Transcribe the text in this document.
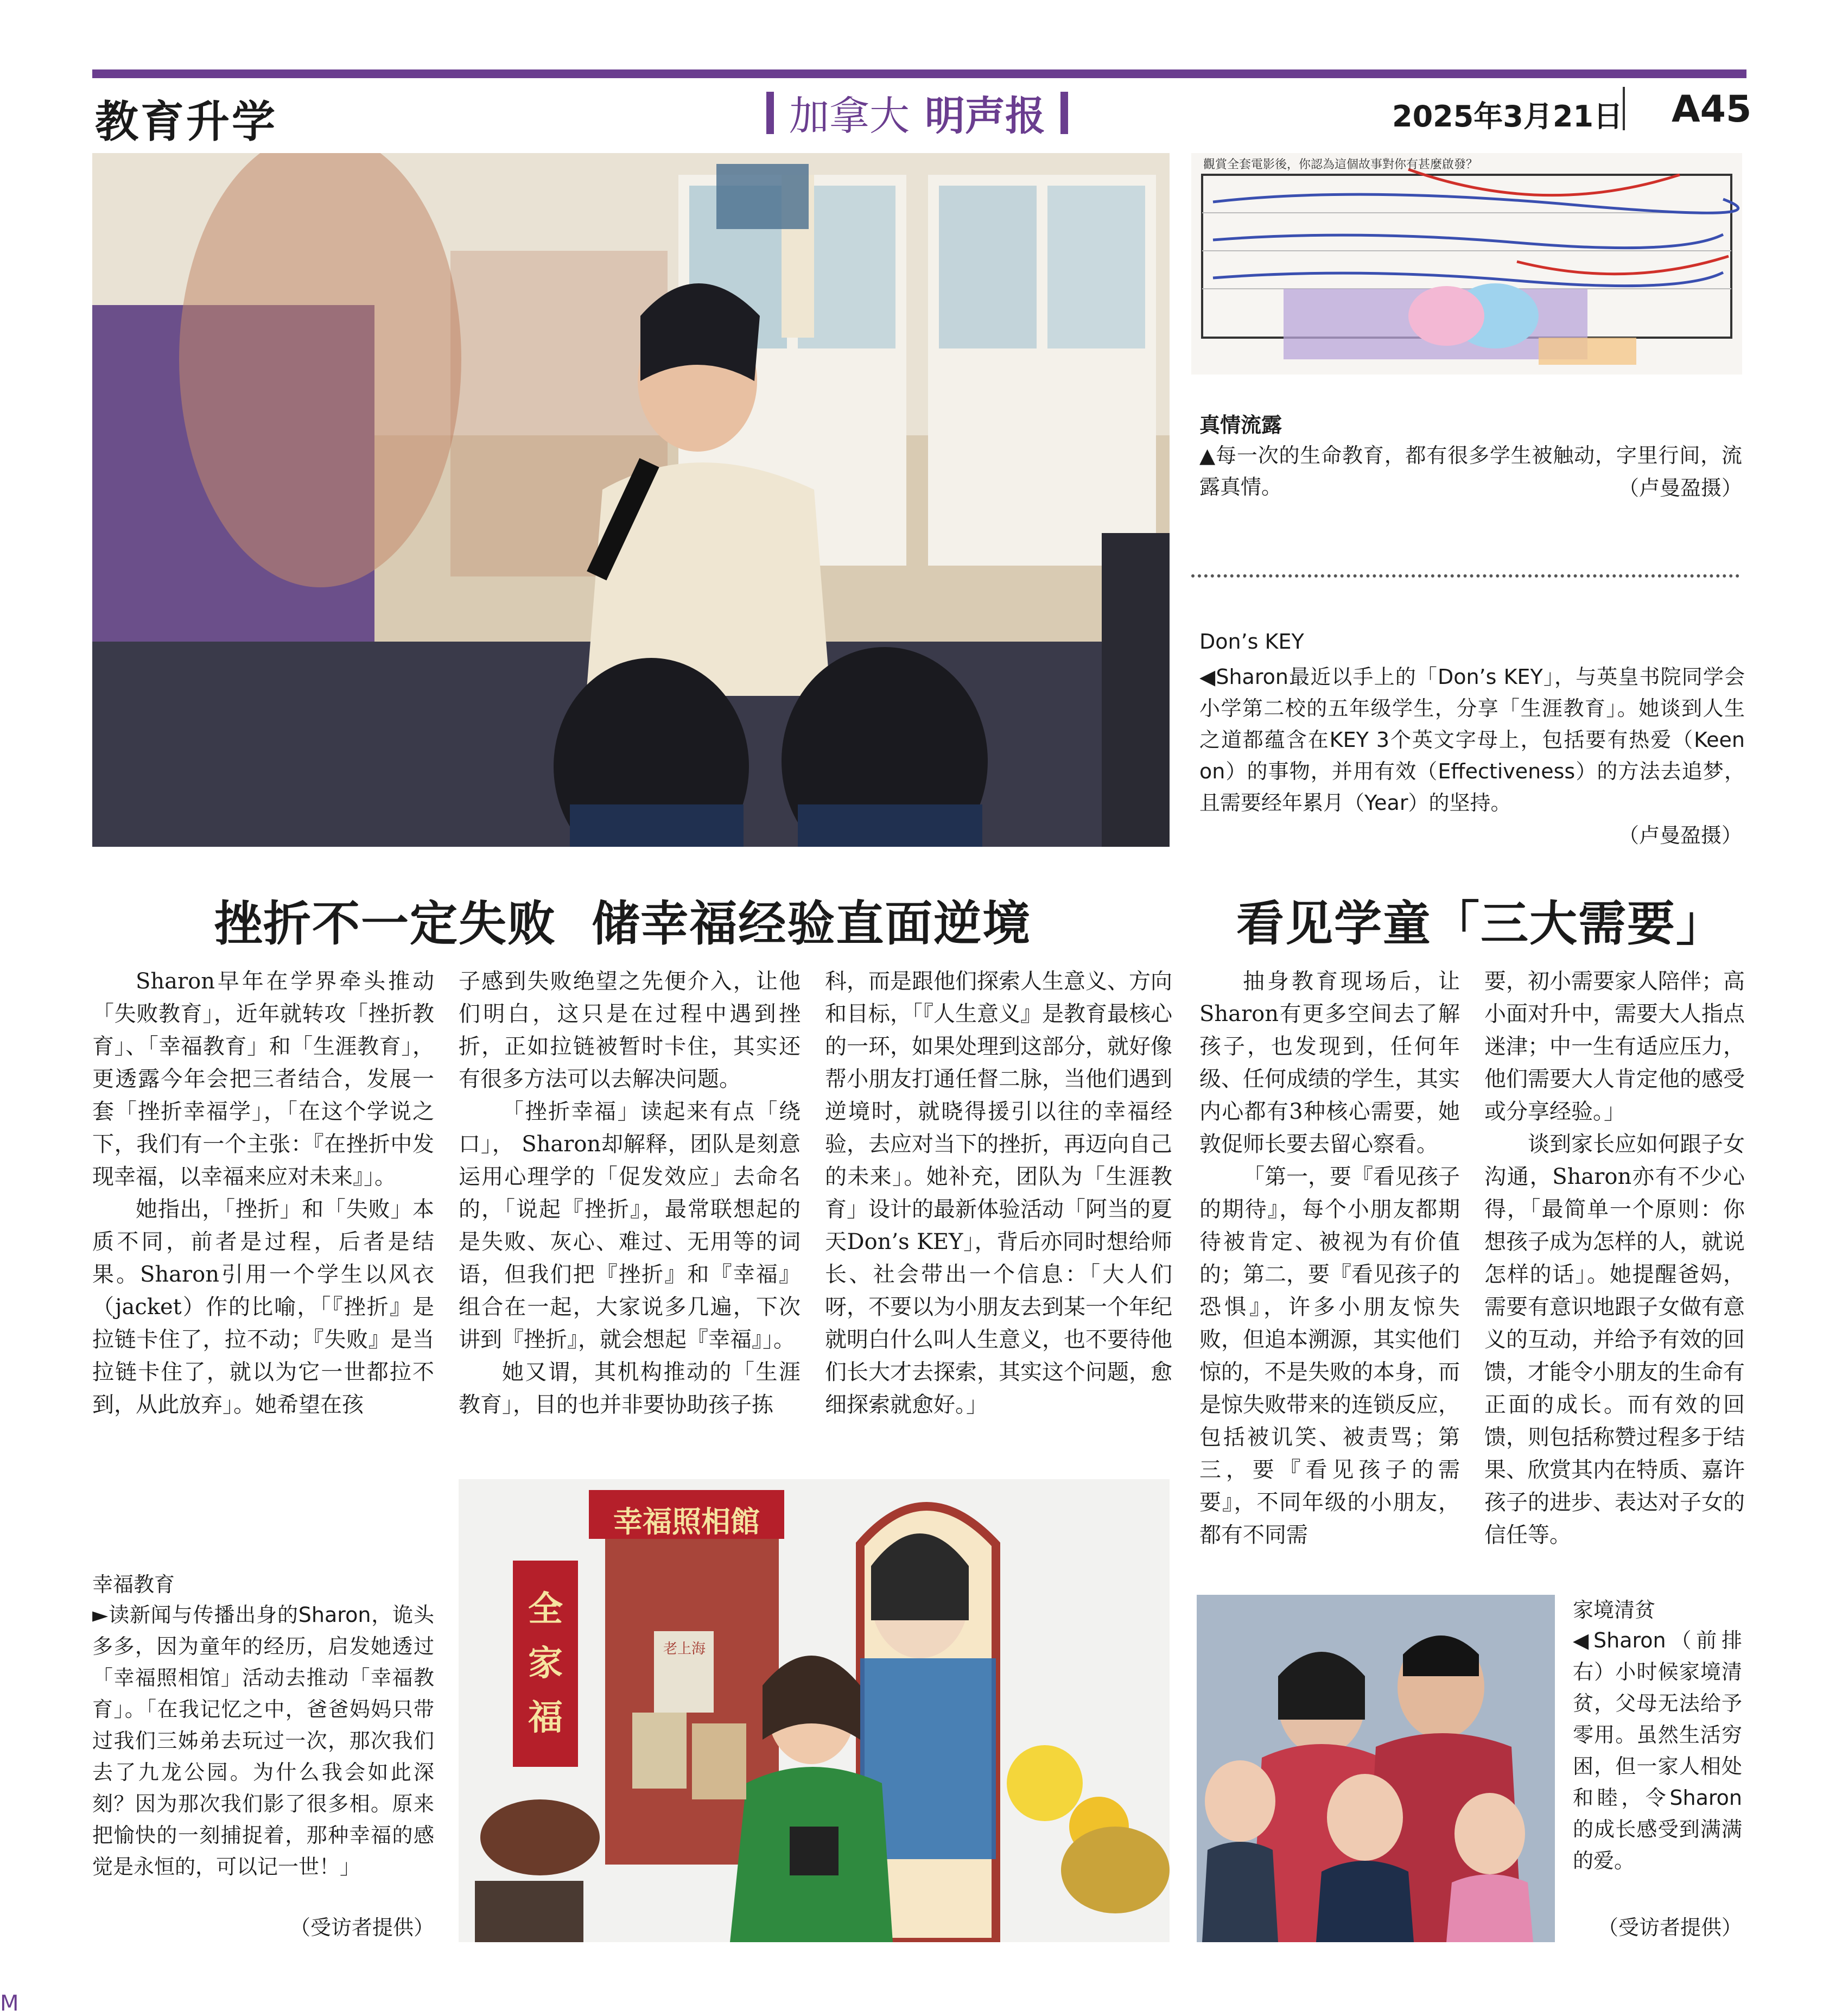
教育升学	加拿大 明声报	2025年3月21日 A45
觀賞全套電影後，你認為這個故事對你有甚麼啟發？
真情流露
▲每一次的生命教育，都有很多学生被触动，字里行间，流露真情。	（卢曼盈摄）
Don’s KEY
◀Sharon最近以手上的「Don’s KEY」，与英皇书院同学会小学第二校的五年级学生，分享「生涯教育」。她谈到人生之道都蕴含在KEY 3个英文字母上，包括要有热爱（Keen on）的事物，并用有效（Effectiveness）的方法去追梦，且需要经年累月（Year）的坚持。
（卢曼盈摄）
挫折不一定失败  储幸福经验直面逆境	看见学童「三大需要」

Sharon早年在学界牵头推动「失败教育」，近年就转攻「挫折教育」、「幸福教育」和「生涯教育」，更透露今年会把三者结合，发展一套「挫折幸福学」，「在这个学说之下，我们有一个主张：『在挫折中发现幸福，以幸福来应对未来』」。

她指出，「挫折」和「失败」本质不同，前者是过程，后者是结果。Sharon引用一个学生以风衣（jacket）作的比喻，「『挫折』是拉链卡住了，拉不动；『失败』是当拉链卡住了，就以为它一世都拉不到，从此放弃」。她希望在孩

子感到失败绝望之先便介入，让他们明白，这只是在过程中遇到挫折，正如拉链被暂时卡住，其实还有很多方法可以去解决问题。

「挫折幸福」读起来有点「绕口」， Sharon却解释，团队是刻意运用心理学的「促发效应」去命名的，「说起『挫折』，最常联想起的是失败、灰心、难过、无用等的词语，但我们把『挫折』和『幸福』组合在一起，大家说多几遍，下次讲到『挫折』，就会想起『幸福』」。

她又谓，其机构推动的「生涯教育」，目的也并非要协助孩子拣

科，而是跟他们探索人生意义、方向和目标，「『人生意义』是教育最核心的一环，如果处理到这部分，就好像帮小朋友打通任督二脉，当他们遇到逆境时，就晓得援引以往的幸福经验，去应对当下的挫折，再迈向自己的未来」。她补充，团队为「生涯教育」设计的最新体验活动「阿当的夏天Don’s KEY」，背后亦同时想给师长、社会带出一个信息：「大人们呀，不要以为小朋友去到某一个年纪就明白什么叫人生意义，也不要待他们长大才去探索，其实这个问题，愈细探索就愈好。」

抽身教育现场后，让Sharon有更多空间去了解孩子，也发现到，任何年级、任何成绩的学生，其实内心都有3种核心需要，她敦促师长要去留心察看。

「第一，要『看见孩子的期待』，每个小朋友都期待被肯定、被视为有价值的；第二，要『看见孩子的恐惧』，许多小朋友惊失败，但追本溯源，其实他们惊的，不是失败的本身，而是惊失败带来的连锁反应，包括被讥笑、被责骂；第三，要『看见孩子的需要』，不同年级的小朋友，都有不同需

要，初小需要家人陪伴；高小面对升中，需要大人指点迷津；中一生有适应压力，他们需要大人肯定他的感受或分享经验。」

谈到家长应如何跟子女沟通，Sharon亦有不少心得，「最简单一个原则：你想孩子成为怎样的人，就说怎样的话」。她提醒爸妈，需要有意识地跟子女做有意义的互动，并给予有效的回馈，才能令小朋友的生命有正面的成长。而有效的回馈，则包括称赞过程多于结果、欣赏其内在特质、嘉许孩子的进步、表达对子女的信任等。

幸福教育
►读新闻与传播出身的Sharon，诡头多多，因为童年的经历，启发她透过「幸福照相馆」活动去推动「幸福教育」。「在我记忆之中，爸爸妈妈只带过我们三姊弟去玩过一次，那次我们去了九龙公园。为什么我会如此深刻？因为那次我们影了很多相。原来把愉快的一刻捕捉着，那种幸福的感觉是永恒的，可以记一世！」
（受访者提供）
幸福照相館
全家福
老上海
家境清贫
◀Sharon（前排右）小时候家境清贫，父母无法给予零用。虽然生活穷困，但一家人相处和睦，令Sharon的成长感受到满满的爱。
（受访者提供）
M
